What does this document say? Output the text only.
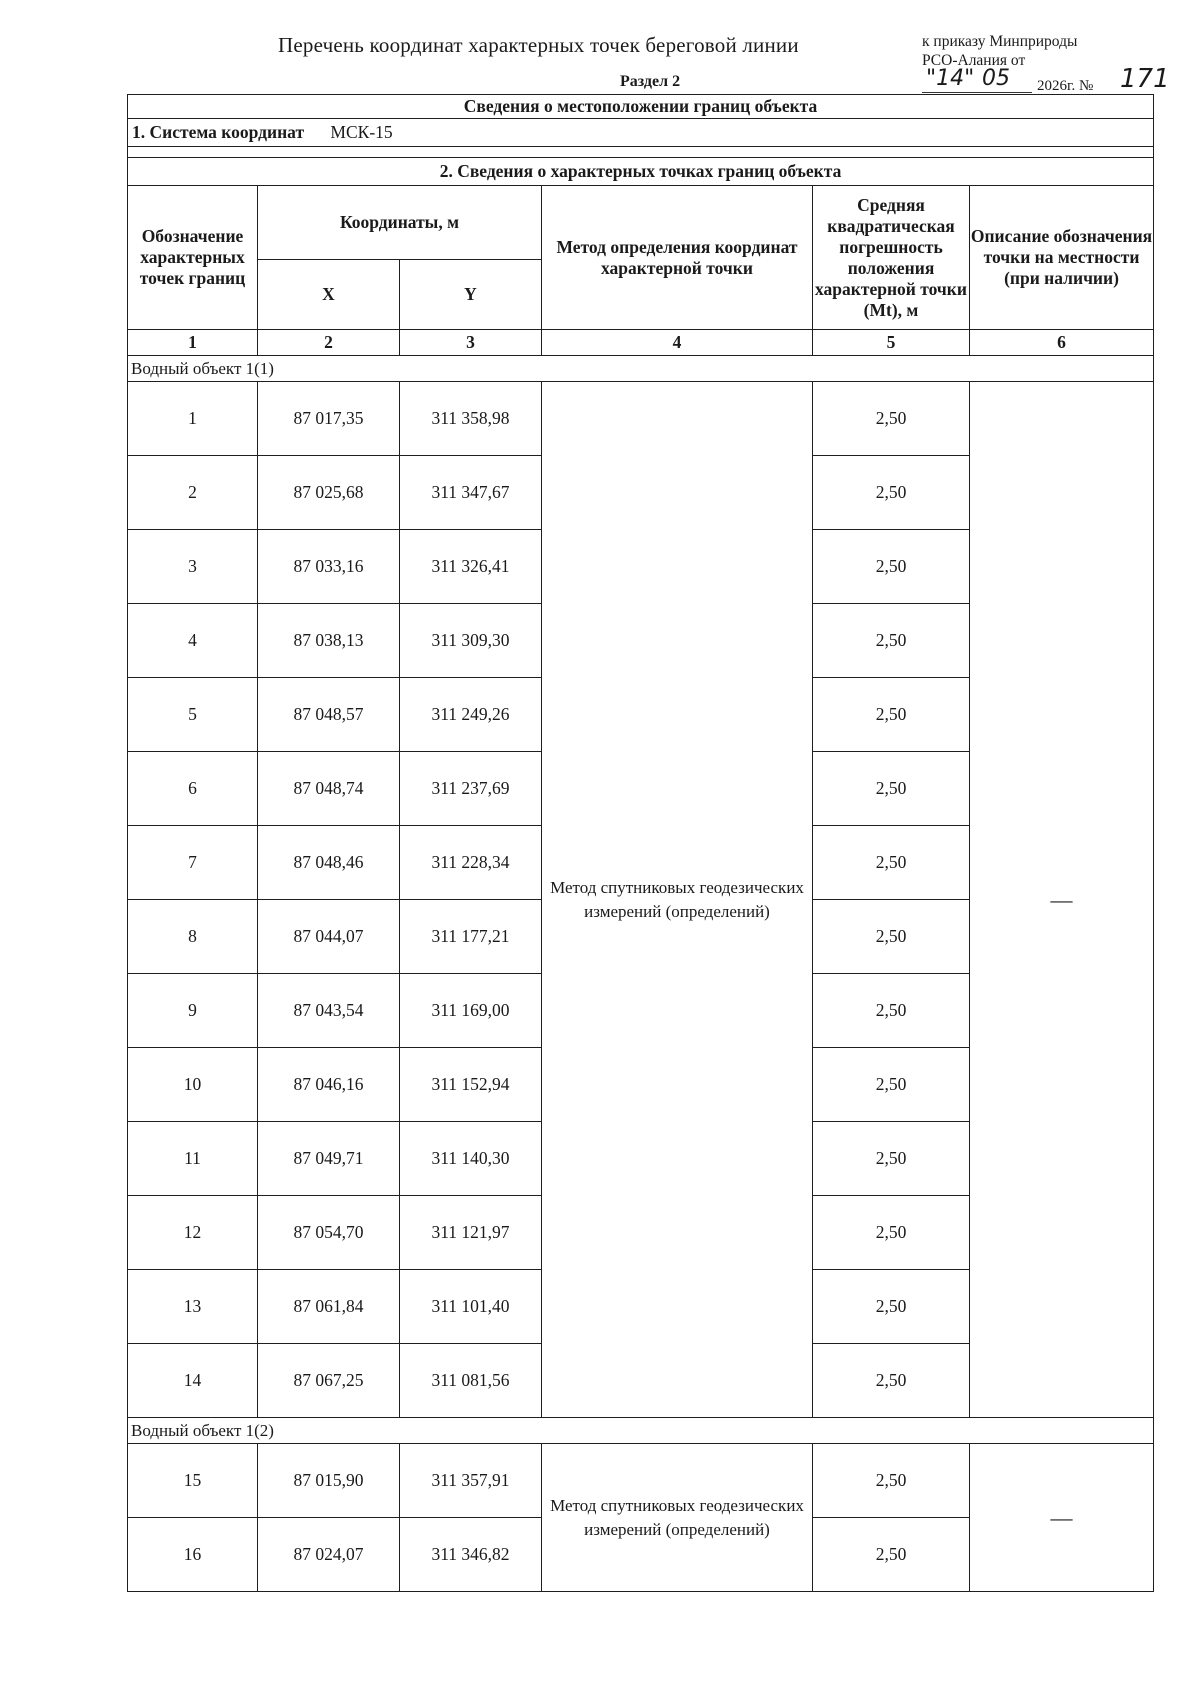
Перечень координат характерных точек береговой линии	к приказу Минприроды
РСО-Алания от
"14" 05 2026г. № 171
Раздел 2
Сведения о местоположении границ объекта					
1. Система координат МСК-15					

2. Сведения о характерных точках границ объекта					
Обозначение характерных точек границ	Координаты, м		Метод определения координат характерной точки	Средняя квадратическая погрешность положения характерной точки (Mt), м	Описание обозначения точки на местности (при наличии)
	X	Y			
1	2	3	4	5	6
Водный объект 1(1)					
1	87 017,35	311 358,98	Метод спутниковых геодезических измерений (определений)	2,50	—
2	87 025,68	311 347,67		2,50	
3	87 033,16	311 326,41		2,50	
4	87 038,13	311 309,30		2,50	
5	87 048,57	311 249,26		2,50	
6	87 048,74	311 237,69		2,50	
7	87 048,46	311 228,34		2,50	
8	87 044,07	311 177,21		2,50	
9	87 043,54	311 169,00		2,50	
10	87 046,16	311 152,94		2,50	
11	87 049,71	311 140,30		2,50	
12	87 054,70	311 121,97		2,50	
13	87 061,84	311 101,40		2,50	
14	87 067,25	311 081,56		2,50	
Водный объект 1(2)					
15	87 015,90	311 357,91	Метод спутниковых геодезических измерений (определений)	2,50	—
16	87 024,07	311 346,82		2,50	
